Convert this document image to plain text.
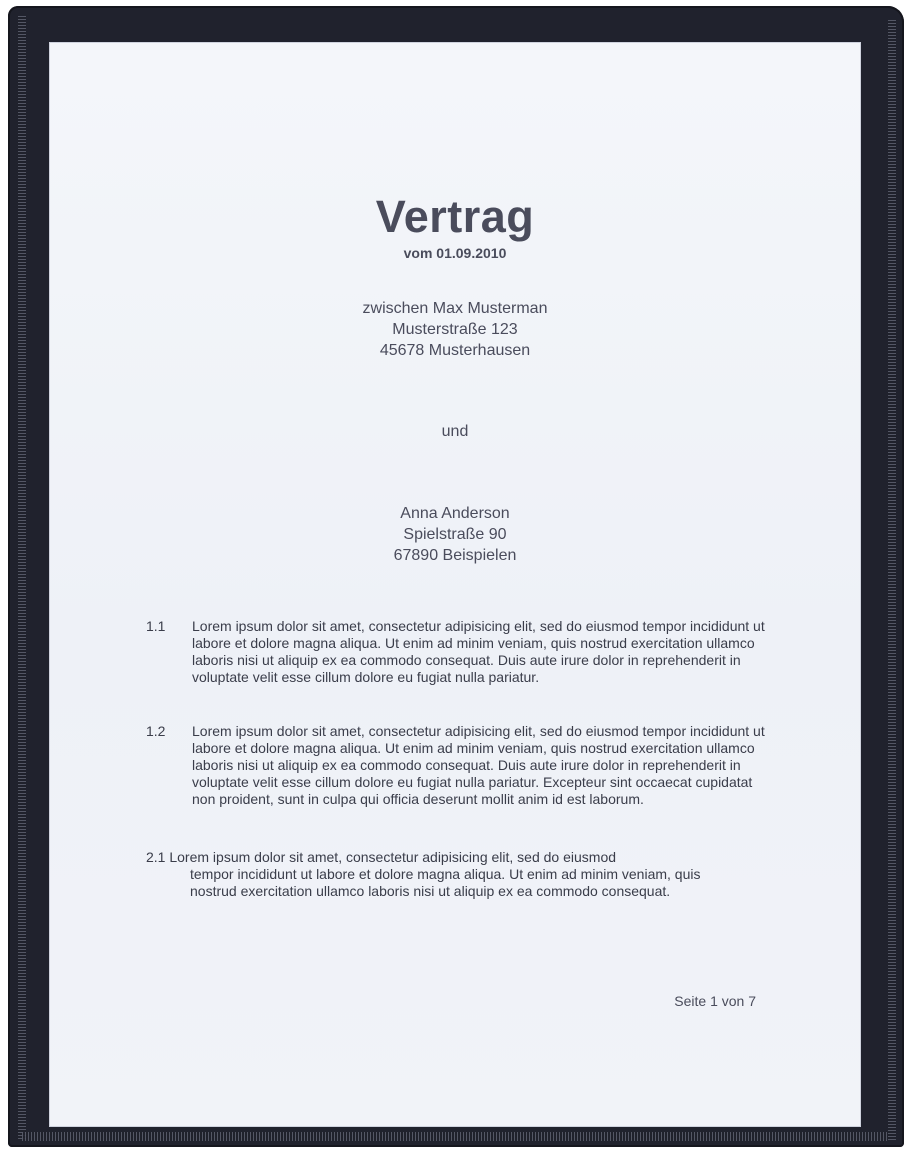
Vertrag
vom 01.09.2010
zwischen Max Musterman
Musterstraße 123
45678 Musterhausen
und
Anna Anderson
Spielstraße 90
67890 Beispielen
1.1 Lorem ipsum dolor sit amet, consectetur adipisicing elit, sed do eiusmod tempor incididunt ut labore et dolore magna aliqua. Ut enim ad minim veniam, quis nostrud exercitation ullamco laboris nisi ut aliquip ex ea commodo consequat. Duis aute irure dolor in reprehenderit in voluptate velit esse cillum dolore eu fugiat nulla pariatur.
1.2 Lorem ipsum dolor sit amet, consectetur adipisicing elit, sed do eiusmod tempor incididunt ut labore et dolore magna aliqua. Ut enim ad minim veniam, quis nostrud exercitation ullamco laboris nisi ut aliquip ex ea commodo consequat. Duis aute irure dolor in reprehenderit in voluptate velit esse cillum dolore eu fugiat nulla pariatur. Excepteur sint occaecat cupidatat non proident, sunt in culpa qui officia deserunt mollit anim id est laborum.
2.1 Lorem ipsum dolor sit amet, consectetur adipisicing elit, sed do eiusmod
tempor incididunt ut labore et dolore magna aliqua. Ut enim ad minim veniam, quis nostrud exercitation ullamco laboris nisi ut aliquip ex ea commodo consequat.
Seite 1 von 7
